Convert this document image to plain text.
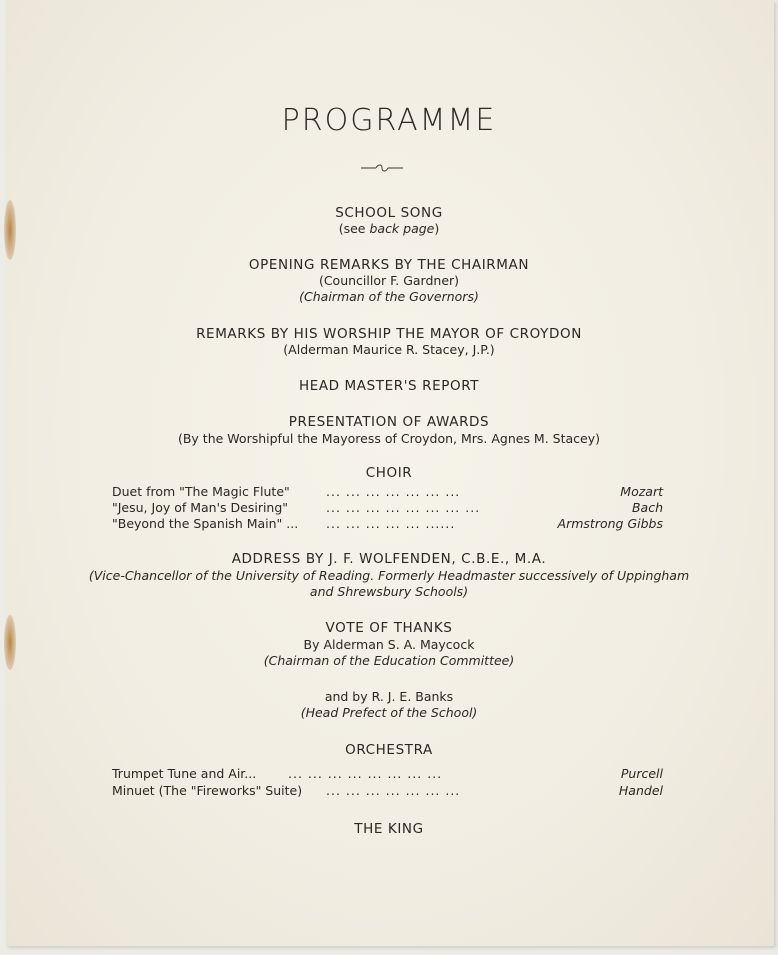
PROGRAMME
SCHOOL SONG
(see back page)
OPENING REMARKS BY THE CHAIRMAN
(Councillor F. Gardner)
(Chairman of the Governors)
REMARKS BY HIS WORSHIP THE MAYOR OF CROYDON
(Alderman Maurice R. Stacey, J.P.)
HEAD MASTER'S REPORT
PRESENTATION OF AWARDS
(By the Worshipful the Mayoress of Croydon, Mrs. Agnes M. Stacey)
CHOIR
Duet from "The Magic Flute"	... ... ... ... ... ... ...	Mozart
"Jesu, Joy of Man's Desiring"	... ... ... ... ... ... ... ...	Bach
"Beyond the Spanish Main" ... ... ... ... ... ... ......	Armstrong Gibbs
ADDRESS BY J. F. WOLFENDEN, C.B.E., M.A.
(Vice-Chancellor of the University of Reading. Formerly Headmaster successively of Uppingham
and Shrewsbury Schools)
VOTE OF THANKS
By Alderman S. A. Maycock
(Chairman of the Education Committee)
and by R. J. E. Banks
(Head Prefect of the School)
ORCHESTRA
Trumpet Tune and Air...	... ... ... ... ... ... ... ...	Purcell
Minuet (The "Fireworks" Suite) ... ... ... ... ... ... ...	Handel
THE KING
